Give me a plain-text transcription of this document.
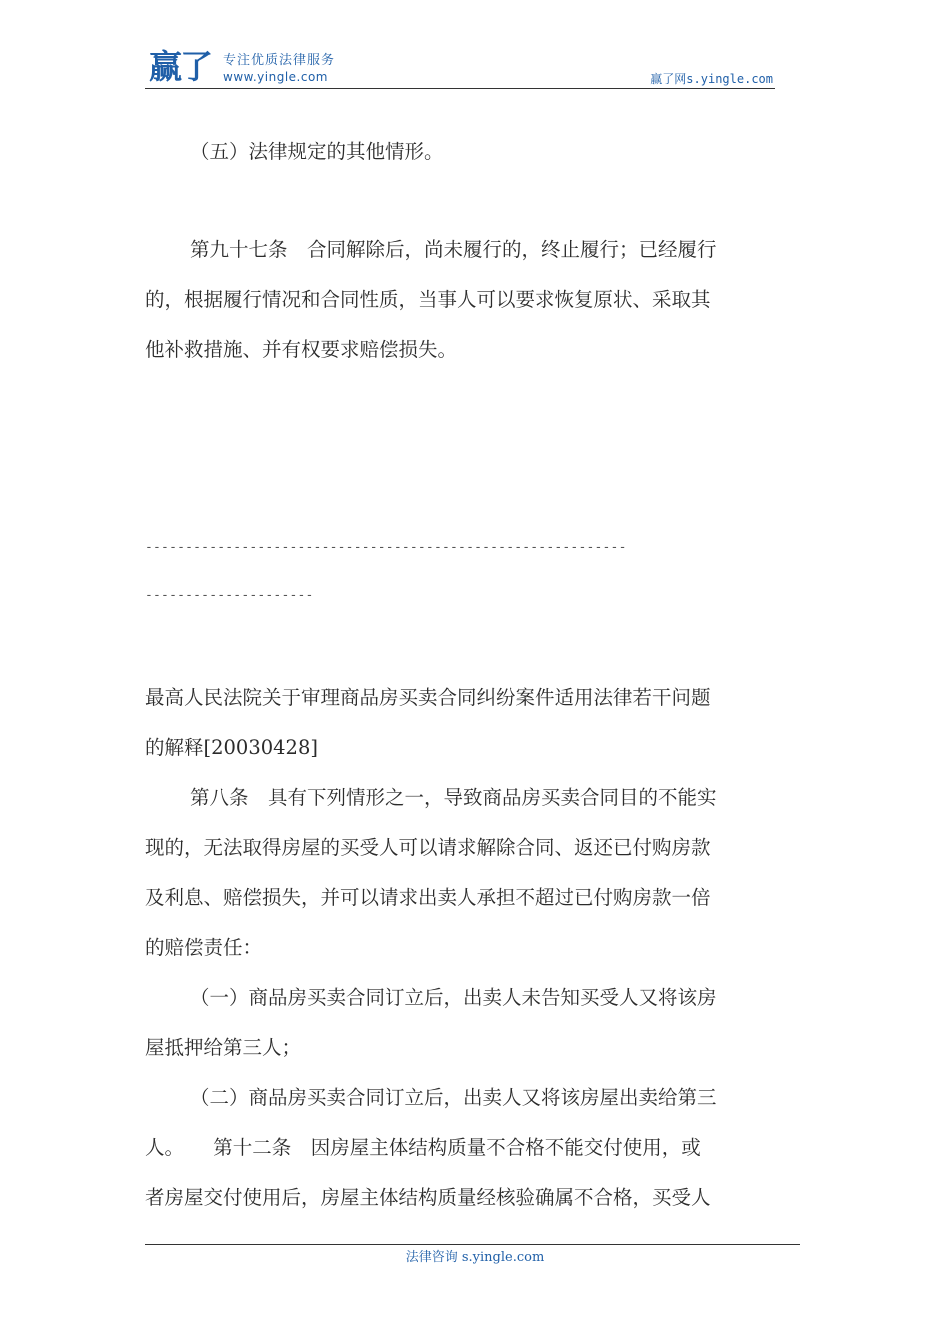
赢了 专注优质法律服务
www.yingle.com	赢了网s.yingle.com

（五）法律规定的其他情形。

第九十七条　合同解除后，尚未履行的，终止履行；已经履行

的，根据履行情况和合同性质，当事人可以要求恢复原状、采取其

他补救措施、并有权要求赔偿损失。

最高人民法院关于审理商品房买卖合同纠纷案件适用法律若干问题

的解释[20030428]

第八条　具有下列情形之一，导致商品房买卖合同目的不能实

现的，无法取得房屋的买受人可以请求解除合同、返还已付购房款

及利息、赔偿损失，并可以请求出卖人承担不超过已付购房款一倍

的赔偿责任：

（一）商品房买卖合同订立后，出卖人未告知买受人又将该房

屋抵押给第三人；

（二）商品房买卖合同订立后，出卖人又将该房屋出卖给第三

人。　　第十二条　因房屋主体结构质量不合格不能交付使用，或

者房屋交付使用后，房屋主体结构质量经核验确属不合格，买受人

------------------------------------------------------------
---------------------
法律咨询 s.yingle.com
